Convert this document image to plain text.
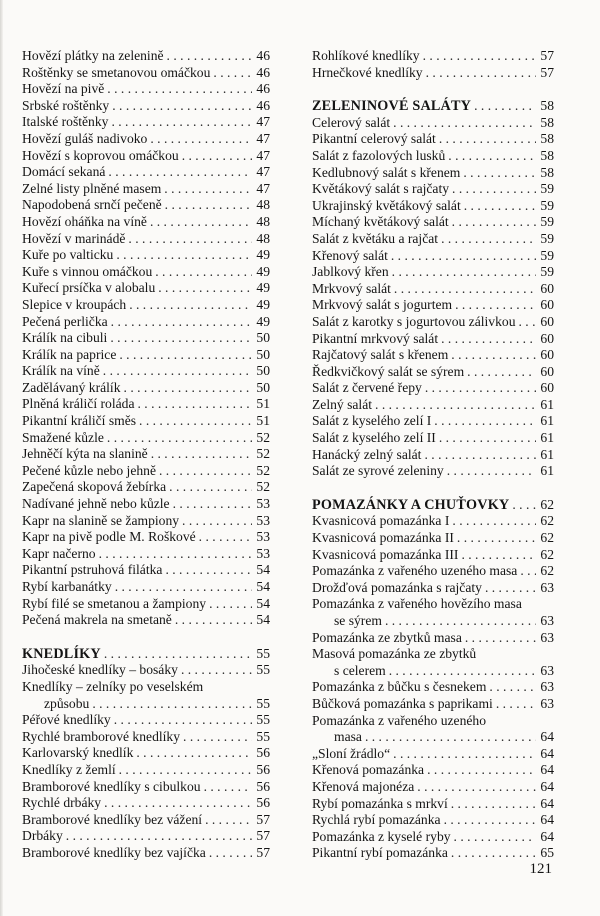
Hovězí plátky na zelenině . . .	46
Roštěnky se smetanovou omáčkou . . .	46
Hovězí na pivě . . .	46
Srbské roštěnky . . .	46
Italské roštěnky . . .	47
Hovězí guláš nadivoko . . .	47
Hovězí s koprovou omáčkou . . .	47
Domácí sekaná . . .	47
Zelné listy plněné masem . . .	47
Napodobená srnčí pečeně . . .	48
Hovězí oháňka na víně . . .	48
Hovězí v marinádě . . .	48
Kuře po valticku . . .	49
Kuře s vinnou omáčkou . . .	49
Kuřecí prsíčka v alobalu . . .	49
Slepice v kroupách . . .	49
Pečená perlička . . .	49
Králík na cibuli . . .	50
Králík na paprice . . .	50
Králík na víně . . .	50
Zadělávaný králík . . .	50
Plněná králičí roláda . . .	51
Pikantní králičí směs . . .	51
Smažené kůzle . . .	52
Jehněčí kýta na slanině . . .	52
Pečené kůzle nebo jehně . . .	52
Zapečená skopová žebírka . . .	52
Nadívané jehně nebo kůzle . . .	53
Kapr na slanině se žampiony . . .	53
Kapr na pivě podle M. Roškové . . .	53
Kapr načerno . . .	53
Pikantní pstruhová filátka . . .	54
Rybí karbanátky . . .	54
Rybí filé se smetanou a žampiony . . .	54
Pečená makrela na smetaně . . .	54
KNEDLÍKY . . .	55
Jihočeské knedlíky – bosáky . . .	55
Knedlíky – zelníky po veselském
způsobu . . .	55
Péřové knedlíky . . .	55
Rychlé bramborové knedlíky . . .	55
Karlovarský knedlík . . .	56
Knedlíky z žemlí . . .	56
Bramborové knedlíky s cibulkou . . .	56
Rychlé drbáky . . .	56
Bramborové knedlíky bez vážení . . .	57
Drbáky . . .	57
Bramborové knedlíky bez vajíčka . . .	57
Rohlíkové knedlíky . . .	57
Hrnečkové knedlíky . . .	57
ZELENINOVÉ SALÁTY . . .	58
Celerový salát . . .	58
Pikantní celerový salát . . .	58
Salát z fazolových lusků . . .	58
Kedlubnový salát s křenem . . .	58
Květákový salát s rajčaty . . .	59
Ukrajinský květákový salát . . .	59
Míchaný květákový salát . . .	59
Salát z květáku a rajčat . . .	59
Křenový salát . . .	59
Jablkový křen . . .	59
Mrkvový salát . . .	60
Mrkvový salát s jogurtem . . .	60
Salát z karotky s jogurtovou zálivkou . . . 60
Pikantní mrkvový salát . . .	60
Rajčatový salát s křenem . . .	60
Ředkvičkový salát se sýrem . . .	60
Salát z červené řepy . . .	60
Zelný salát . . .	61
Salát z kyselého zelí I . . .	61
Salát z kyselého zelí II . . .	61
Hanácký zelný salát . . .	61
Salát ze syrové zeleniny . . .	61
POMAZÁNKY A CHUŤOVKY . . . 62
Kvasnicová pomazánka I . . .	62
Kvasnicová pomazánka II . . .	62
Kvasnicová pomazánka III . . .	62
Pomazánka z vařeného uzeného masa . . . 62
Drožďová pomazánka s rajčaty . . .	63
Pomazánka z vařeného hovězího masa
se sýrem . . .	63
Pomazánka ze zbytků masa . . .	63
Masová pomazánka ze zbytků
s celerem . . .	63
Pomazánka z bůčku s česnekem . . .	63
Bůčková pomazánka s paprikami . . .	63
Pomazánka z vařeného uzeného
masa . . .	64
„Sloní žrádlo“ . . .	64
Křenová pomazánka . . .	64
Křenová majonéza . . .	64
Rybí pomazánka s mrkví . . .	64
Rychlá rybí pomazánka . . .	64
Pomazánka z kyselé ryby . . .	64
Pikantní rybí pomazánka . . .	65
121
